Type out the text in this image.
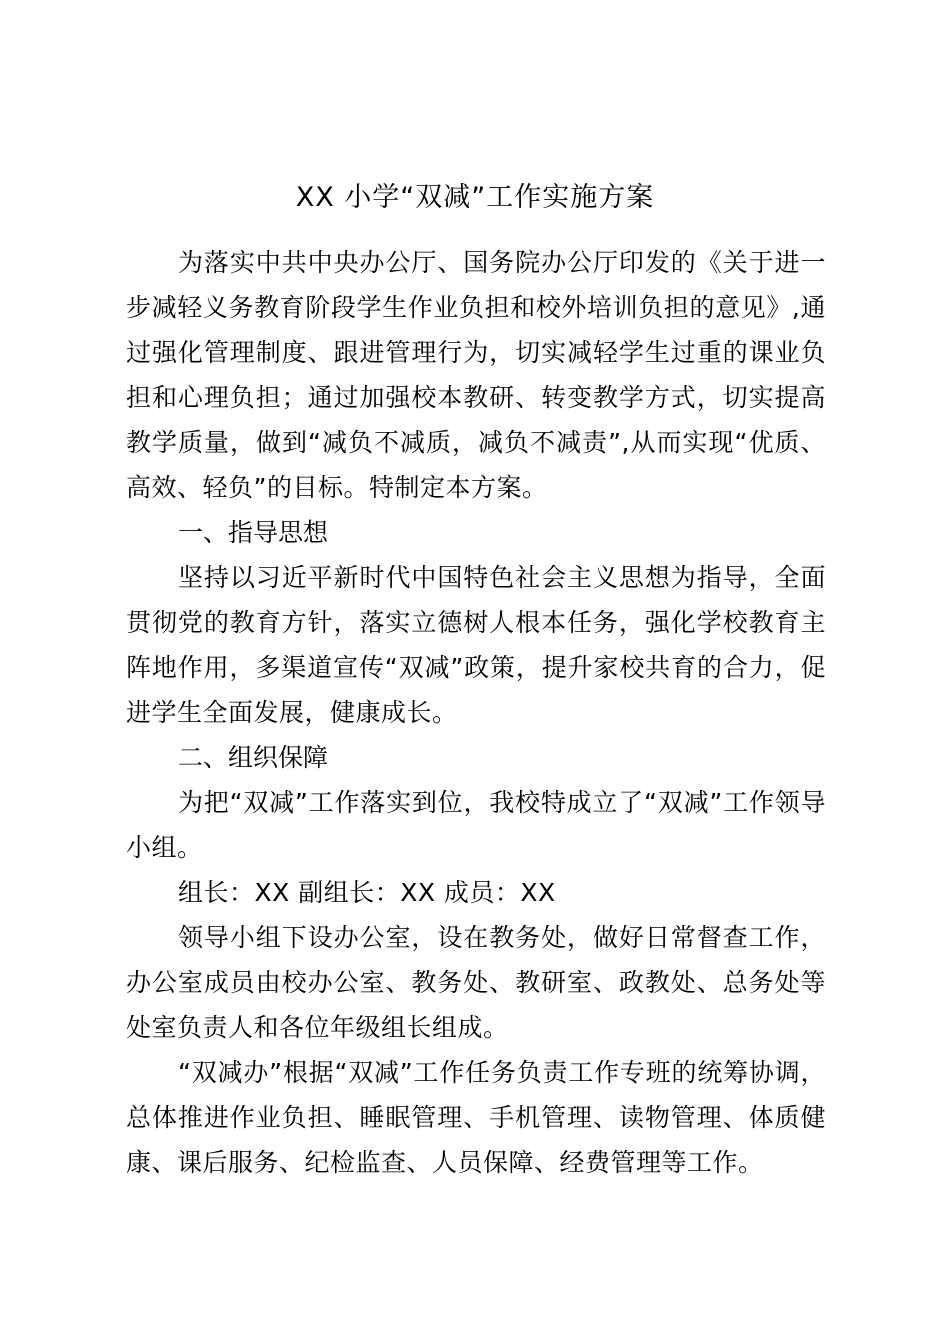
XX 小学“双减”工作实施方案

为落实中共中央办公厅、国务院办公厅印发的《关于进一步减轻义务教育阶段学生作业负担和校外培训负担的意见》,通过强化管理制度、跟进管理行为，切实减轻学生过重的课业负担和心理负担；通过加强校本教研、转变教学方式，切实提高教学质量，做到“减负不减质，减负不减责”,从而实现“优质、高效、轻负”的目标。特制定本方案。

一、指导思想

坚持以习近平新时代中国特色社会主义思想为指导，全面贯彻党的教育方针，落实立德树人根本任务，强化学校教育主阵地作用，多渠道宣传“双减”政策，提升家校共育的合力，促进学生全面发展，健康成长。

二、组织保障

为把“双减”工作落实到位，我校特成立了“双减”工作领导小组。

组长：XX 副组长：XX 成员：XX

领导小组下设办公室，设在教务处，做好日常督查工作，办公室成员由校办公室、教务处、教研室、政教处、总务处等处室负责人和各位年级组长组成。

“双减办”根据“双减”工作任务负责工作专班的统筹协调，总体推进作业负担、睡眠管理、手机管理、读物管理、体质健康、课后服务、纪检监查、人员保障、经费管理等工作。
